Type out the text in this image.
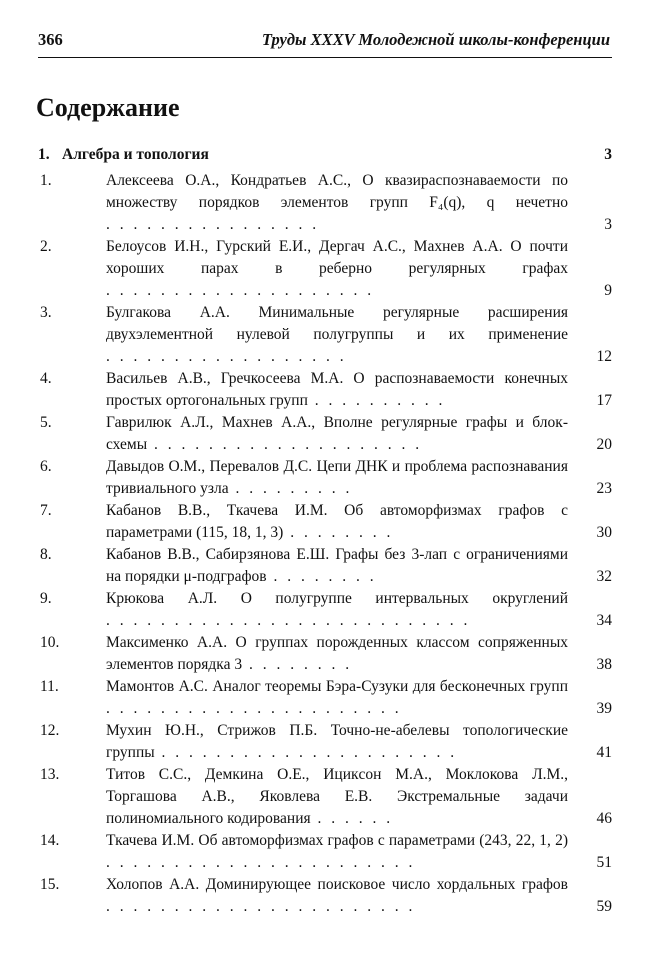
366	Труды XXXV Молодежной школы-конференции
Содержание
1. Алгебра и топология	3
1.	Алексеева О.А., Кондратьев А.С., О квазираспознаваемости по множеству порядков элементов групп F₄(q), q нечетно . . . . . . . . . . . . . . . .	3
2.	Белоусов И.Н., Гурский Е.И., Дергач А.С., Махнев А.А. О почти хороших парах в реберно регулярных графах . . . . . . . . . . . . . . . . . . . .	9
3.	Булгакова А.А. Минимальные регулярные расширения двухэлементной нулевой полугруппы и их применение . . . . . . . . . . . . . . . . . .	12
4.	Васильев А.В., Гречкосеева М.А. О распознаваемости конечных простых ортогональных групп . . . . . . . . . .	17
5.	Гаврилюк А.Л., Махнев А.А., Вполне регулярные графы и блок-схемы . . . . . . . . . . . . . . . . . . . .	20
6.	Давыдов О.М., Перевалов Д.С. Цепи ДНК и проблема распознавания тривиального узла . . . . . . . . .	23
7.	Кабанов В.В., Ткачева И.М. Об автоморфизмах графов с параметрами (115, 18, 1, 3) . . . . . . . .	30
8.	Кабанов В.В., Сабирзянова Е.Ш. Графы без 3-лап с ограничениями на порядки μ-подграфов . . . . . . . .	32
9.	Крюкова А.Л. О полугруппе интервальных округлений . . . . . . . . . . . . . . . . . . . . . . . . . . .	34
10.	Максименко А.А. О группах порожденных классом сопряженных элементов порядка 3 . . . . . . . .	38
11.	Мамонтов А.С. Аналог теоремы Бэра-Сузуки для бесконечных групп . . . . . . . . . . . . . . . . . . . . . .	39
12.	Мухин Ю.Н., Стрижов П.Б. Точно-не-абелевы топологические группы . . . . . . . . . . . . . . . . . . . . . .	41
13.	Титов С.С., Демкина О.Е., Ицикcон М.А., Моклокова Л.М., Торгашова А.В., Яковлева Е.В. Экстремальные задачи полиномиального кодирования . . . . . .	46
14.	Ткачева И.М. Об автоморфизмах графов с параметрами (243, 22, 1, 2) . . . . . . . . . . . . . . . . . . . . . . .	51
15.	Холопов А.А. Доминирующее поисковое число хордальных графов . . . . . . . . . . . . . . . . . . . . . . .	59
